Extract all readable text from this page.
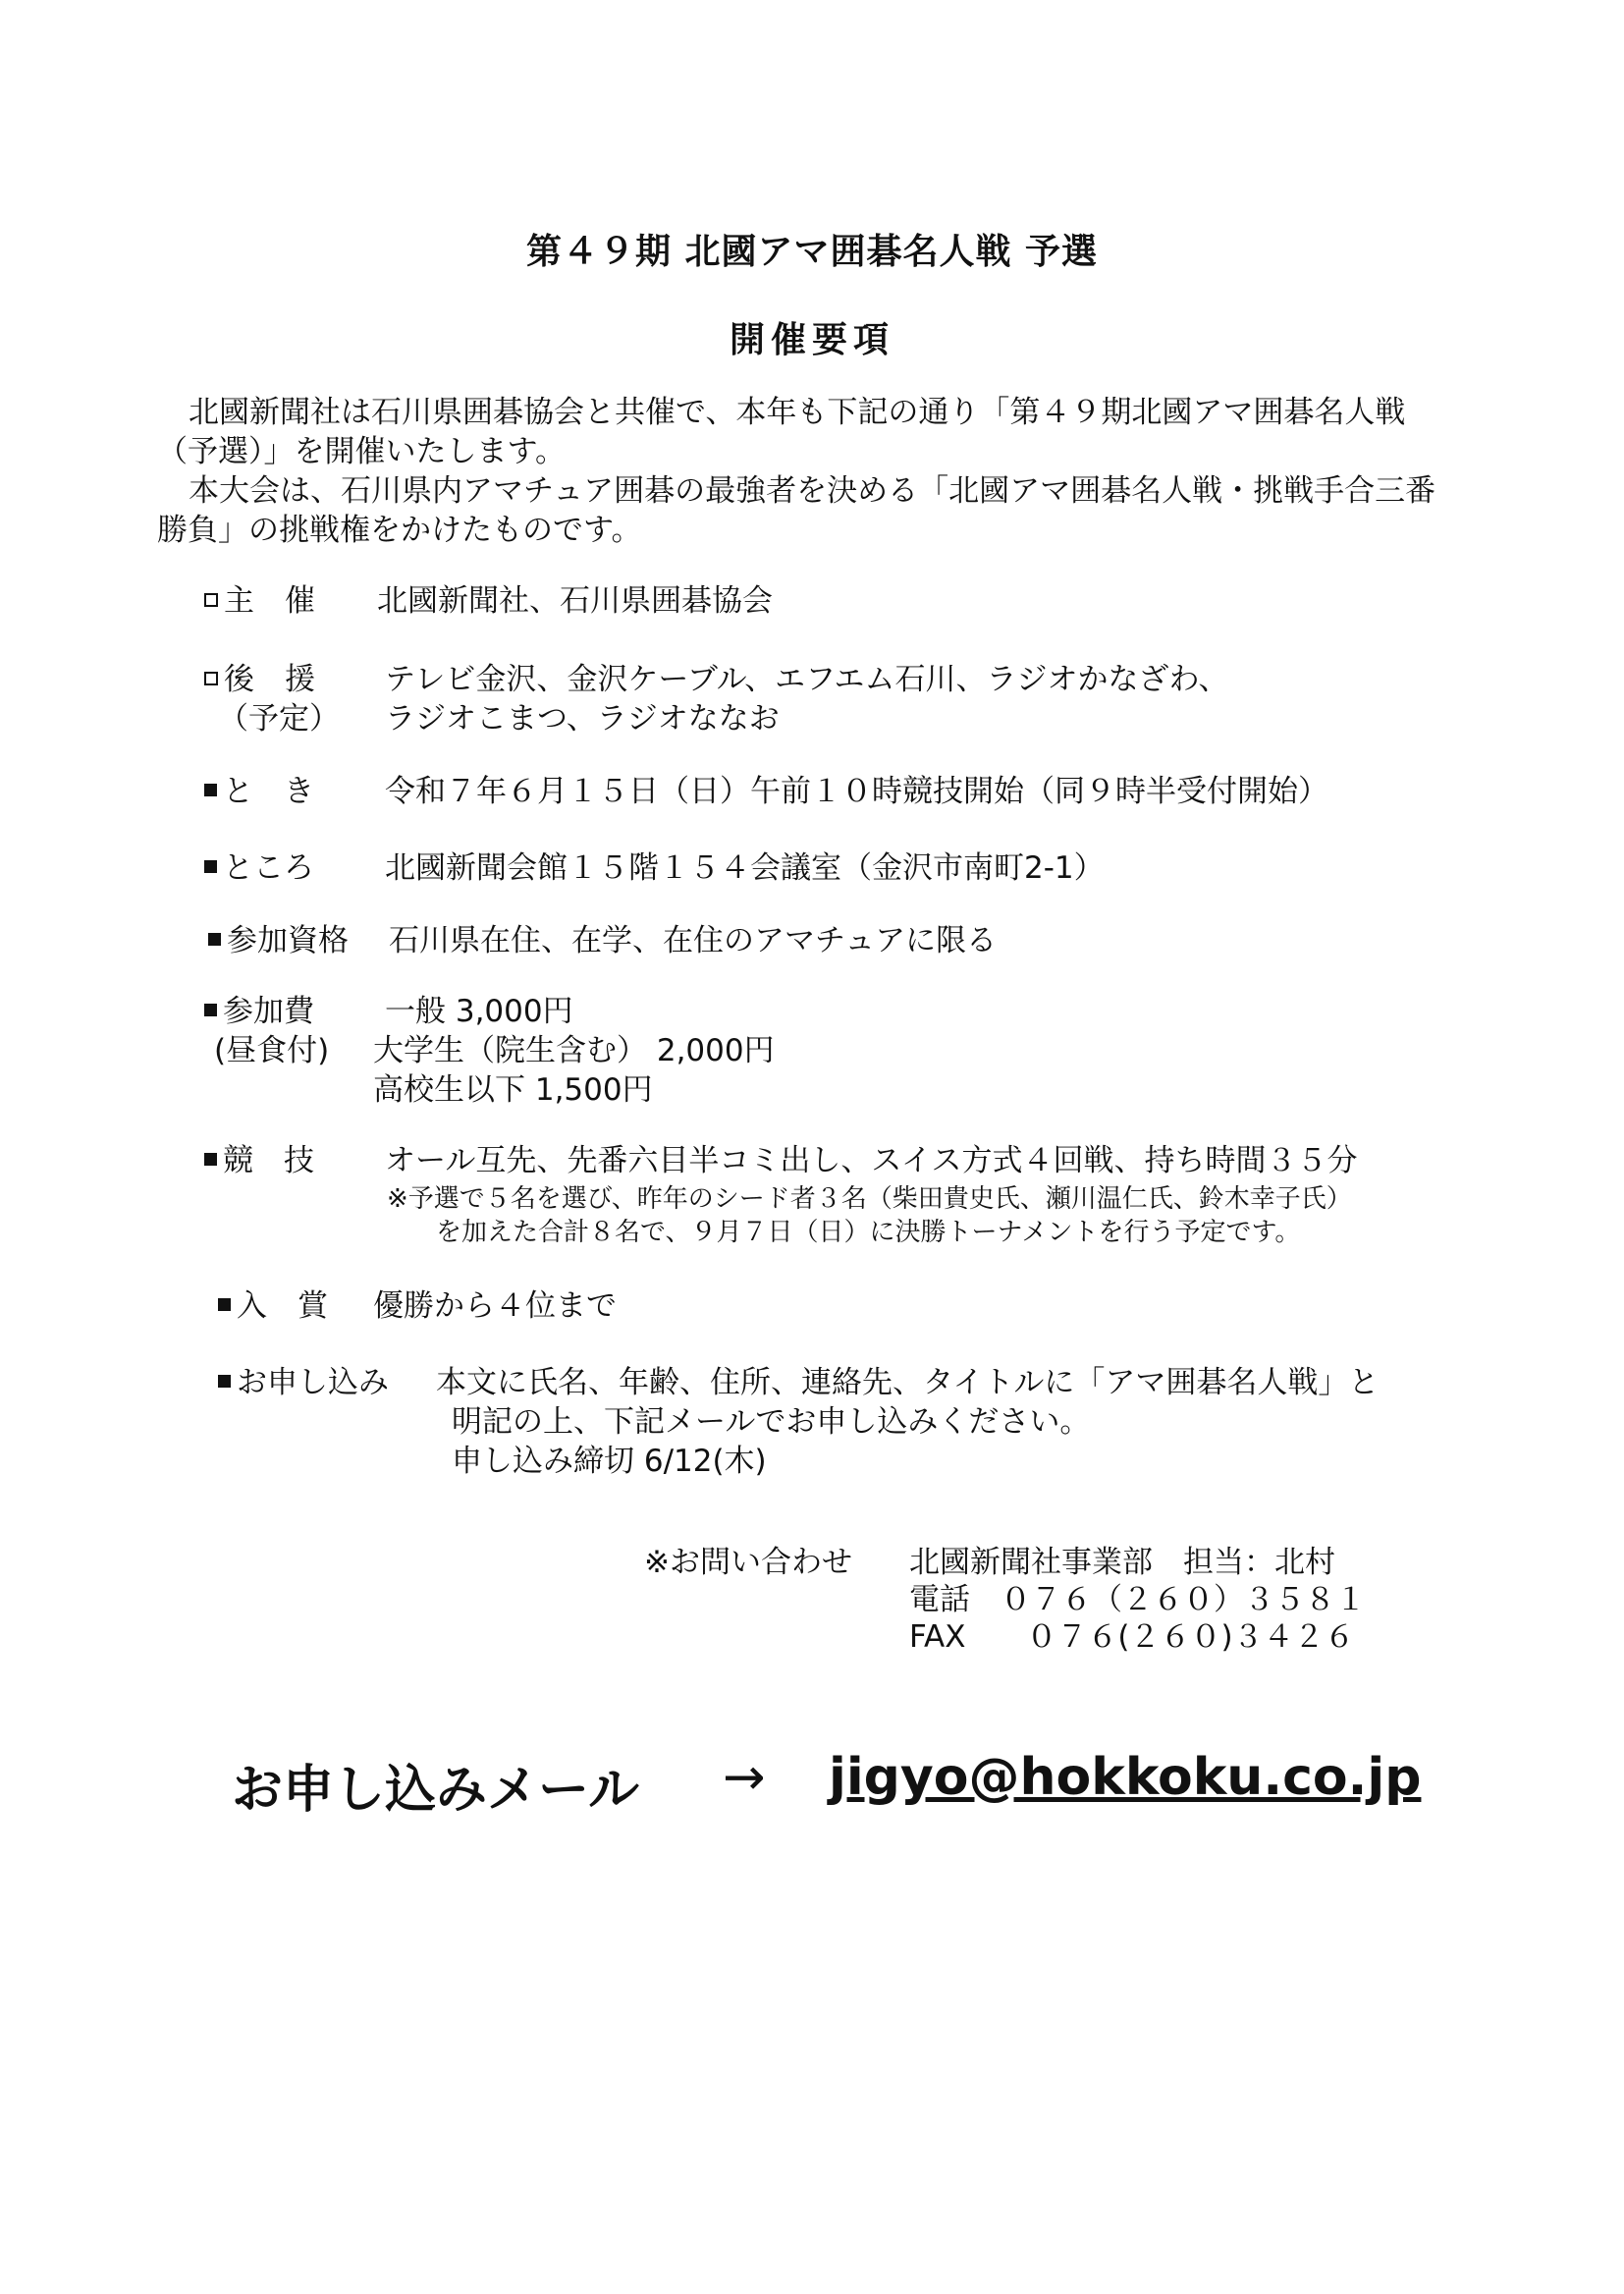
第４９期 北國アマ囲碁名人戦 予選
開催要項

北國新聞社は石川県囲碁協会と共催で、本年も下記の通り「第４９期北國アマ囲碁名人戦（予選）」を開催いたします。

本大会は、石川県内アマチュア囲碁の最強者を決める「北國アマ囲碁名人戦・挑戦手合三番勝負」の挑戦権をかけたものです。

主　催 北國新聞社、石川県囲碁協会
後　援
（予定）
テレビ金沢、金沢ケーブル、エフエム石川、ラジオかなざわ、
ラジオこまつ、ラジオななお
と　き 令和７年６月１５日（日）午前１０時競技開始（同９時半受付開始）
ところ 北國新聞会館１５階１５４会議室（金沢市南町2-1）
参加資格 石川県在住、在学、在住のアマチュアに限る
参加費
(昼食付)
一般 3,000円
大学生（院生含む） 2,000円
高校生以下 1,500円
競　技 オール互先、先番六目半コミ出し、スイス方式４回戦、持ち時間３５分
※予選で５名を選び、昨年のシード者３名（柴田貴史氏、瀬川温仁氏、鈴木幸子氏）
を加えた合計８名で、９月７日（日）に決勝トーナメントを行う予定です。
入　賞 優勝から４位まで
お申し込み 本文に氏名、年齢、住所、連絡先、タイトルに「アマ囲碁名人戦」と
明記の上、下記メールでお申し込みください。
申し込み締切 6/12(木)
※お問い合わせ 北國新聞社事業部　担当：北村
電話　０７６（２６０）３５８１
FAX　　０７６(２６０)３４２６
お申し込みメール → jigyo@hokkoku.co.jp
